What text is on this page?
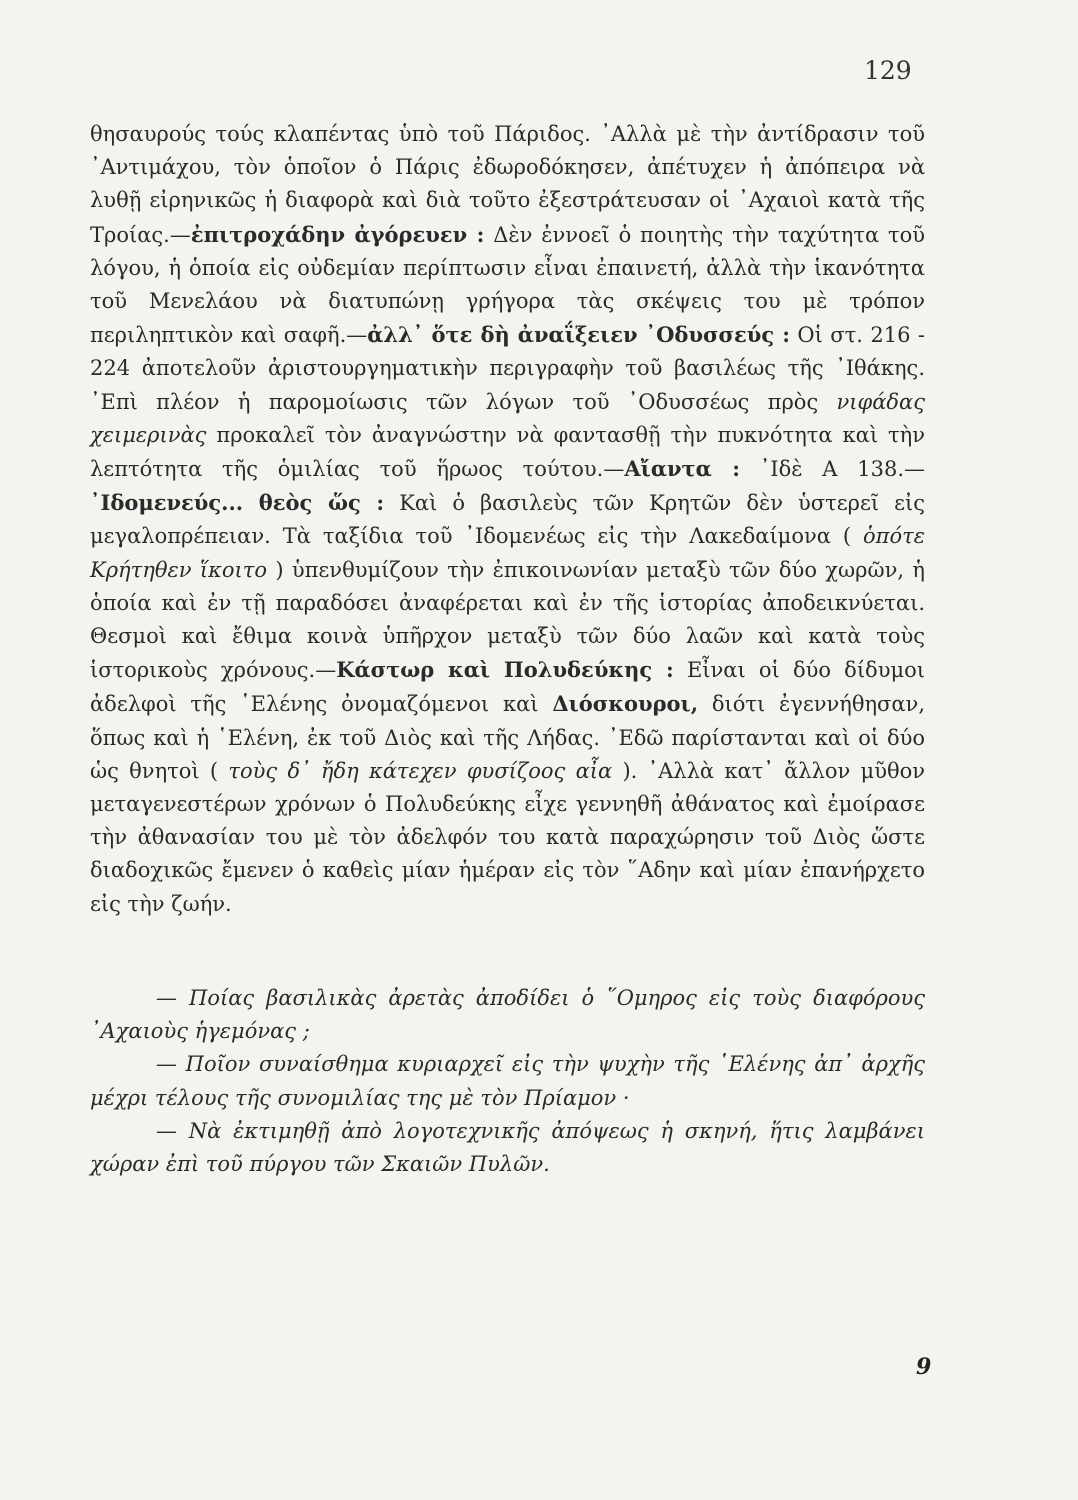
129

θησαυρούς τούς κλαπέντας ὑπὸ τοῦ Πάριδος. ᾿Αλλὰ μὲ τὴν ἀντίδρασιν τοῦ ᾿Αντιμάχου, τὸν ὁποῖον ὁ Πάρις ἐδωροδόκησεν, ἀπέτυχεν ἡ ἀπόπειρα νὰ λυθῇ εἰρηνικῶς ἡ διαφορὰ καὶ διὰ τοῦτο ἐξεστράτευσαν οἱ ᾿Αχαιοὶ κατὰ τῆς Τροίας.—ἐπιτροχάδην ἀγόρευεν : Δὲν ἐννοεῖ ὁ ποιητὴς τὴν ταχύτητα τοῦ λόγου, ἡ ὁποία εἰς οὐδεμίαν περίπτωσιν εἶναι ἐπαινετή, ἀλλὰ τὴν ἱκανότητα τοῦ Μενελάου νὰ διατυπώνῃ γρήγορα τὰς σκέψεις του μὲ τρόπον περιληπτικὸν καὶ σαφῆ.—ἀλλ᾿ ὅτε δὴ ἀναΐξειεν ᾿Οδυσσεύς : Οἱ στ. 216 - 224 ἀποτελοῦν ἀριστουργηματικὴν περιγραφὴν τοῦ βασιλέως τῆς ᾿Ιθάκης. ᾿Επὶ πλέον ἡ παρομοίωσις τῶν λόγων τοῦ ᾿Οδυσσέως πρὸς νιφάδας χειμερινὰς προκαλεῖ τὸν ἀναγνώστην νὰ φαντασθῇ τὴν πυκνότητα καὶ τὴν λεπτότητα τῆς ὁμιλίας τοῦ ἥρωος τούτου.—Αἴαντα : ᾿Ιδὲ Α 138.—᾿Ιδομενεύς... θεὸς ὥς : Καὶ ὁ βασιλεὺς τῶν Κρητῶν δὲν ὑστερεῖ εἰς μεγαλοπρέπειαν. Τὰ ταξίδια τοῦ ᾿Ιδομενέως εἰς τὴν Λακεδαίμονα ( ὁπότε Κρήτηθεν ἵκοιτο ) ὑπενθυμίζουν τὴν ἐπικοινωνίαν μεταξὺ τῶν δύο χωρῶν, ἡ ὁποία καὶ ἐν τῇ παραδόσει ἀναφέρεται καὶ ἐν τῆς ἱστορίας ἀποδεικνύεται. Θεσμοὶ καὶ ἔθιμα κοινὰ ὑπῆρχον μεταξὺ τῶν δύο λαῶν καὶ κατὰ τοὺς ἱστορικοὺς χρόνους.—Κάστωρ καὶ Πολυδεύκης : Εἶναι οἱ δύο δίδυμοι ἀδελφοὶ τῆς ῾Ελένης ὀνομαζόμενοι καὶ Διόσκουροι, διότι ἐγεννήθησαν, ὅπως καὶ ἡ ῾Ελένη, ἐκ τοῦ Διὸς καὶ τῆς Λήδας. ᾿Εδῶ παρίστανται καὶ οἱ δύο ὡς θνητοὶ ( τοὺς δ᾿ ἤδη κάτεχεν φυσίζοος αἶα ). ᾿Αλλὰ κατ᾿ ἄλλον μῦθον μεταγενεστέρων χρόνων ὁ Πολυδεύκης εἶχε γεννηθῆ ἀθάνατος καὶ ἐμοίρασε τὴν ἀθανασίαν του μὲ τὸν ἀδελφόν του κατὰ παραχώρησιν τοῦ Διὸς ὥστε διαδοχικῶς ἔμενεν ὁ καθεὶς μίαν ἡμέραν εἰς τὸν ῞Αδην καὶ μίαν ἐπανήρχετο εἰς τὴν ζωήν.

— Ποίας βασιλικὰς ἀρετὰς ἀποδίδει ὁ ῞Ομηρος εἰς τοὺς διαφόρους ᾿Αχαιοὺς ἡγεμόνας ;

— Ποῖον συναίσθημα κυριαρχεῖ εἰς τὴν ψυχὴν τῆς ῾Ελένης ἀπ᾿ ἀρχῆς μέχρι τέλους τῆς συνομιλίας της μὲ τὸν Πρίαμον ·

— Νὰ ἐκτιμηθῇ ἀπὸ λογοτεχνικῆς ἀπόψεως ἡ σκηνή, ἥτις λαμβάνει χώραν ἐπὶ τοῦ πύργου τῶν Σκαιῶν Πυλῶν.

9
